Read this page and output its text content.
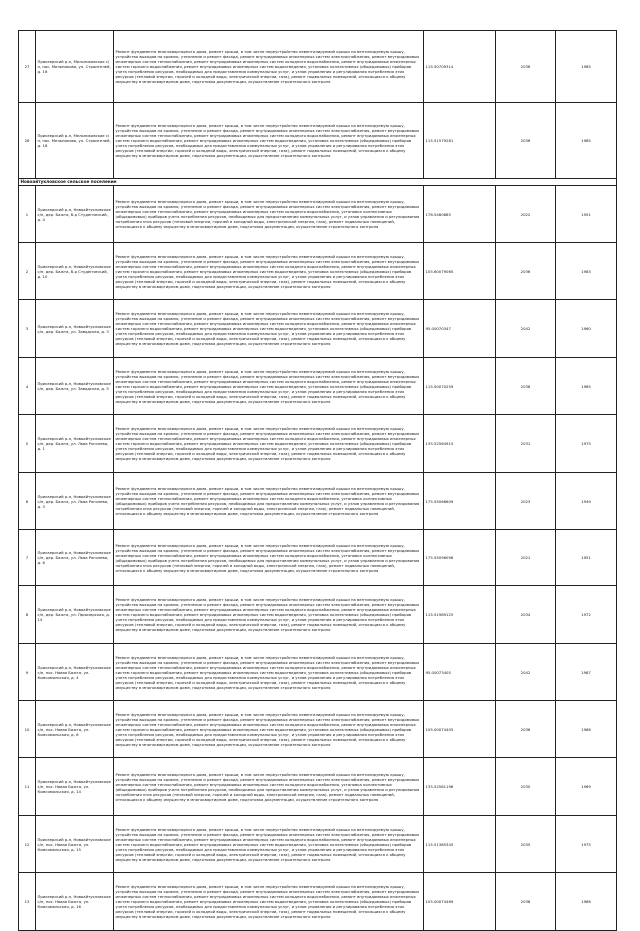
27	Приозерский р-н, Мельниковское с/п, пос. Мельниково, ул. Строителей, д. 16	Ремонт фундамента многоквартирного дома, ремонт крыши, в том числе переустройство невентилируемой крыши на вентилируемую крышу, устройство выходов на кровлю, утепление и ремонт фасада, ремонт внутридомовых инженерных систем электроснабжения, ремонт внутридомовых инженерных систем теплоснабжения, ремонт внутридомовых инженерных систем холодного водоснабжения, ремонт внутридомовых инженерных систем горячего водоснабжения, ремонт внутридомовых инженерных систем водоотведения, установка коллективных (общедомовых) приборов учета потребления ресурсов, необходимых для предоставления коммунальных услуг, и узлов управления и регулирования потребления этих ресурсов (тепловой энергии, горячей и холодной воды, электрической энергии, газа), ремонт подвальных помещений, относящихся к общему имуществу в многоквартирном доме, подготовка документации, осуществление строительного контроля	115.50709314	2036	1985
28	Приозерский р-н, Мельниковское с/п, пос. Мельниково, ул. Строителей, д. 18	Ремонт фундамента многоквартирного дома, ремонт крыши, в том числе переустройство невентилируемой крыши на вентилируемую крышу, устройство выходов на кровлю, утепление и ремонт фасада, ремонт внутридомовых инженерных систем электроснабжения, ремонт внутридомовых инженерных систем теплоснабжения, ремонт внутридомовых инженерных систем холодного водоснабжения, ремонт внутридомовых инженерных систем горячего водоснабжения, ремонт внутридомовых инженерных систем водоотведения, установка коллективных (общедомовых) приборов учета потребления ресурсов, необходимых для предоставления коммунальных услуг, и узлов управления и регулирования потребления этих ресурсов (тепловой энергии, горячей и холодной воды, электрической энергии, газа), ремонт подвальных помещений, относящихся к общему имуществу в многоквартирном доме, подготовка документации, осуществление строительного контроля	115.51579281	2036	1985
Новоайтукловское сельское поселение					
1	Приозерский р-н, Новоайтукловское с/п, дер. Бажта, б-р Студенческий, д. 4	Ремонт фундамента многоквартирного дома, ремонт крыши, в том числе переустройство невентилируемой крыши на вентилируемую крышу, устройство выходов на кровлю, утепление и ремонт фасада, ремонт внутридомовых инженерных систем электроснабжения, ремонт внутридомовых инженерных систем теплоснабжения, ремонт внутридомовых инженерных систем холодного водоснабжения, установка коллективных (общедомовых) приборов учета потребления ресурсов, необходимых для предоставления коммунальных услуг, и узлов управления и регулирования потребления этих ресурсов (тепловой энергии, горячей и холодной воды, электрической энергии, газа), ремонт подвальных помещений, относящихся к общему имуществу в многоквартирном доме, подготовка документации, осуществление строительного контроля	176.5460685	2022	1951
2	Приозерский р-н, Новоайтукловское с/п, дер. Бажта, б-р Студенческий, д. 10	Ремонт фундамента многоквартирного дома, ремонт крыши, в том числе переустройство невентилируемой крыши на вентилируемую крышу, устройство выходов на кровлю, утепление и ремонт фасада, ремонт внутридомовых инженерных систем электроснабжения, ремонт внутридомовых инженерных систем теплоснабжения, ремонт внутридомовых инженерных систем холодного водоснабжения, ремонт внутридомовых инженерных систем горячего водоснабжения, ремонт внутридомовых инженерных систем водоотведения, установка коллективных (общедомовых) приборов учета потребления ресурсов, необходимых для предоставления коммунальных услуг, и узлов управления и регулирования потребления этих ресурсов (тепловой энергии, горячей и холодной воды, электрической энергии, газа), ремонт подвальных помещений, относящихся к общему имуществу в многоквартирном доме, подготовка документации, осуществление строительного контроля	105.60079065	2036	1983
3	Приозерский р-н, Новоайтукловское с/п, дер. Бажта, ул. Заводская, д. 3	Ремонт фундамента многоквартирного дома, ремонт крыши, в том числе переустройство невентилируемой крыши на вентилируемую крышу, устройство выходов на кровлю, утепление и ремонт фасада, ремонт внутридомовых инженерных систем электроснабжения, ремонт внутридомовых инженерных систем теплоснабжения, ремонт внутридомовых инженерных систем холодного водоснабжения, ремонт внутридомовых инженерных систем горячего водоснабжения, ремонт внутридомовых инженерных систем водоотведения, установка коллективных (общедомовых) приборов учета потребления ресурсов, необходимых для предоставления коммунальных услуг, и узлов управления и регулирования потребления этих ресурсов (тепловой энергии, горячей и холодной воды, электрической энергии, газа), ремонт подвальных помещений, относящихся к общему имуществу в многоквартирном доме, подготовка документации, осуществление строительного контроля	95.00070347	2042	1960
4	Приозерский р-н, Новоайтукловское с/п, дер. Бажта, ул. Заводская, д. 5	Ремонт фундамента многоквартирного дома, ремонт крыши, в том числе переустройство невентилируемой крыши на вентилируемую крышу, устройство выходов на кровлю, утепление и ремонт фасада, ремонт внутридомовых инженерных систем электроснабжения, ремонт внутридомовых инженерных систем теплоснабжения, ремонт внутридомовых инженерных систем холодного водоснабжения, ремонт внутридомовых инженерных систем горячего водоснабжения, ремонт внутридомовых инженерных систем водоотведения, установка коллективных (общедомовых) приборов учета потребления ресурсов, необходимых для предоставления коммунальных услуг, и узлов управления и регулирования потребления этих ресурсов (тепловой энергии, горячей и холодной воды, электрической энергии, газа), ремонт подвальных помещений, относящихся к общему имуществу в многоквартирном доме, подготовка документации, осуществление строительного контроля	115.50070259	2038	1965
5	Приозерский р-н, Новоайтукловское с/п, дер. Бажта, ул. Льва Роголева, д. 1	Ремонт фундамента многоквартирного дома, ремонт крыши, в том числе переустройство невентилируемой крыши на вентилируемую крышу, устройство выходов на кровлю, утепление и ремонт фасада, ремонт внутридомовых инженерных систем электроснабжения, ремонт внутридомовых инженерных систем теплоснабжения, ремонт внутридомовых инженерных систем холодного водоснабжения, ремонт внутридомовых инженерных систем горячего водоснабжения, ремонт внутридомовых инженерных систем водоотведения, установка коллективных (общедомовых) приборов учета потребления ресурсов, необходимых для предоставления коммунальных услуг, и узлов управления и регулирования потребления этих ресурсов (тепловой энергии, горячей и холодной воды, электрической энергии, газа), ремонт подвальных помещений, относящихся к общему имуществу в многоквартирном доме, подготовка документации, осуществление строительного контроля	135.52564915	2031	1975
6	Приозерский р-н, Новоайтукловское с/п, дер. Бажта, ул. Льва Роголева, д. 3	Ремонт фундамента многоквартирного дома, ремонт крыши, в том числе переустройство невентилируемой крыши на вентилируемую крышу, устройство выходов на кровлю, утепление и ремонт фасада, ремонт внутридомовых инженерных систем электроснабжения, ремонт внутридомовых инженерных систем теплоснабжения, ремонт внутридомовых инженерных систем холодного водоснабжения, установка коллективных (общедомовых) приборов учета потребления ресурсов, необходимых для предоставления коммунальных услуг, и узлов управления и регулирования потребления этих ресурсов (тепловой энергии, горячей и холодной воды, электрической энергии, газа), ремонт подвальных помещений, относящихся к общему имуществу в многоквартирном доме, подготовка документации, осуществление строительного контроля	175.55066609	2023	1949
7	Приозерский р-н, Новоайтукловское с/п, дер. Бажта, ул. Льва Роголева, д. 6	Ремонт фундамента многоквартирного дома, ремонт крыши, в том числе переустройство невентилируемой крыши на вентилируемую крышу, устройство выходов на кровлю, утепление и ремонт фасада, ремонт внутридомовых инженерных систем электроснабжения, ремонт внутридомовых инженерных систем теплоснабжения, ремонт внутридомовых инженерных систем холодного водоснабжения, установка коллективных (общедомовых) приборов учета потребления ресурсов, необходимых для предоставления коммунальных услуг, и узлов управления и регулирования потребления этих ресурсов (тепловой энергии, горячей и холодной воды, электрической энергии, газа), ремонт подвальных помещений, относящихся к общему имуществу в многоквартирном доме, подготовка документации, осуществление строительного контроля	175.55096096	2021	1951
8	Приозерский р-н, Новоайтукловское с/п, дер. Бажта, ул. Приозерская, д. 14	Ремонт фундамента многоквартирного дома, ремонт крыши, в том числе переустройство невентилируемой крыши на вентилируемую крышу, устройство выходов на кровлю, утепление и ремонт фасада, ремонт внутридомовых инженерных систем электроснабжения, ремонт внутридомовых инженерных систем теплоснабжения, ремонт внутридомовых инженерных систем холодного водоснабжения, ремонт внутридомовых инженерных систем горячего водоснабжения, ремонт внутридомовых инженерных систем водоотведения, установка коллективных (общедомовых) приборов учета потребления ресурсов, необходимых для предоставления коммунальных услуг, и узлов управления и регулирования потребления этих ресурсов (тепловой энергии, горячей и холодной воды, электрической энергии, газа), ремонт подвальных помещений, относящихся к общему имуществу в многоквартирном доме, подготовка документации, осуществление строительного контроля	115.51989125	2034	1972
9	Приозерский р-н, Новоайтукловское с/п, пос. Новая Бажта, ул. Комсомольская, д. 4	Ремонт фундамента многоквартирного дома, ремонт крыши, в том числе переустройство невентилируемой крыши на вентилируемую крышу, устройство выходов на кровлю, утепление и ремонт фасада, ремонт внутридомовых инженерных систем электроснабжения, ремонт внутридомовых инженерных систем теплоснабжения, ремонт внутридомовых инженерных систем холодного водоснабжения, ремонт внутридомовых инженерных систем горячего водоснабжения, ремонт внутридомовых инженерных систем водоотведения, установка коллективных (общедомовых) приборов учета потребления ресурсов, необходимых для предоставления коммунальных услуг, и узлов управления и регулирования потребления этих ресурсов (тепловой энергии, горячей и холодной воды, электрической энергии, газа), ремонт подвальных помещений, относящихся к общему имуществу в многоквартирном доме, подготовка документации, осуществление строительного контроля	95.00073405	2042	1987
10	Приозерский р-н, Новоайтукловское с/п, пос. Новая Бажта, ул. Комсомольская, д. 6	Ремонт фундамента многоквартирного дома, ремонт крыши, в том числе переустройство невентилируемой крыши на вентилируемую крышу, устройство выходов на кровлю, утепление и ремонт фасада, ремонт внутридомовых инженерных систем электроснабжения, ремонт внутридомовых инженерных систем теплоснабжения, ремонт внутридомовых инженерных систем холодного водоснабжения, ремонт внутридомовых инженерных систем горячего водоснабжения, ремонт внутридомовых инженерных систем водоотведения, установка коллективных (общедомовых) приборов учета потребления ресурсов, необходимых для предоставления коммунальных услуг, и узлов управления и регулирования потребления этих ресурсов (тепловой энергии, горячей и холодной воды, электрической энергии, газа), ремонт подвальных помещений, относящихся к общему имуществу в многоквартирном доме, подготовка документации, осуществление строительного контроля	105.00074405	2036	1986
11	Приозерский р-н, Новоайтукловское с/п, пос. Новая Бажта, ул. Комсомольская, д. 14	Ремонт фундамента многоквартирного дома, ремонт крыши, в том числе переустройство невентилируемой крыши на вентилируемую крышу, устройство выходов на кровлю, утепление и ремонт фасада, ремонт внутридомовых инженерных систем электроснабжения, ремонт внутридомовых инженерных систем теплоснабжения, ремонт внутридомовых инженерных систем холодного водоснабжения, установка коллективных (общедомовых) приборов учета потребления ресурсов, необходимых для предоставления коммунальных услуг, и узлов управления и регулирования потребления этих ресурсов (тепловой энергии, горячей и холодной воды, электрической энергии, газа), ремонт подвальных помещений, относящихся к общему имуществу в многоквартирном доме, подготовка документации, осуществление строительного контроля	135.52561196	2030	1969
12	Приозерский р-н, Новоайтукловское с/п, пос. Новая Бажта, ул. Комсомольская, д. 15	Ремонт фундамента многоквартирного дома, ремонт крыши, в том числе переустройство невентилируемой крыши на вентилируемую крышу, устройство выходов на кровлю, утепление и ремонт фасада, ремонт внутридомовых инженерных систем электроснабжения, ремонт внутридомовых инженерных систем теплоснабжения, ремонт внутридомовых инженерных систем холодного водоснабжения, ремонт внутридомовых инженерных систем горячего водоснабжения, ремонт внутридомовых инженерных систем водоотведения, установка коллективных (общедомовых) приборов учета потребления ресурсов, необходимых для предоставления коммунальных услуг, и узлов управления и регулирования потребления этих ресурсов (тепловой энергии, горячей и холодной воды, электрической энергии, газа), ремонт подвальных помещений, относящихся к общему имуществу в многоквартирном доме, подготовка документации, осуществление строительного контроля	115.51385345	2035	1975
13	Приозерский р-н, Новоайтукловское с/п, пос. Новая Бажта, ул. Комсомольская, д. 16	Ремонт фундамента многоквартирного дома, ремонт крыши, в том числе переустройство невентилируемой крыши на вентилируемую крышу, устройство выходов на кровлю, утепление и ремонт фасада, ремонт внутридомовых инженерных систем электроснабжения, ремонт внутридомовых инженерных систем теплоснабжения, ремонт внутридомовых инженерных систем холодного водоснабжения, ремонт внутридомовых инженерных систем горячего водоснабжения, ремонт внутридомовых инженерных систем водоотведения, установка коллективных (общедомовых) приборов учета потребления ресурсов, необходимых для предоставления коммунальных услуг, и узлов управления и регулирования потребления этих ресурсов (тепловой энергии, горячей и холодной воды, электрической энергии, газа), ремонт подвальных помещений, относящихся к общему имуществу в многоквартирном доме, подготовка документации, осуществление строительного контроля	105.00074469	2038	1986
